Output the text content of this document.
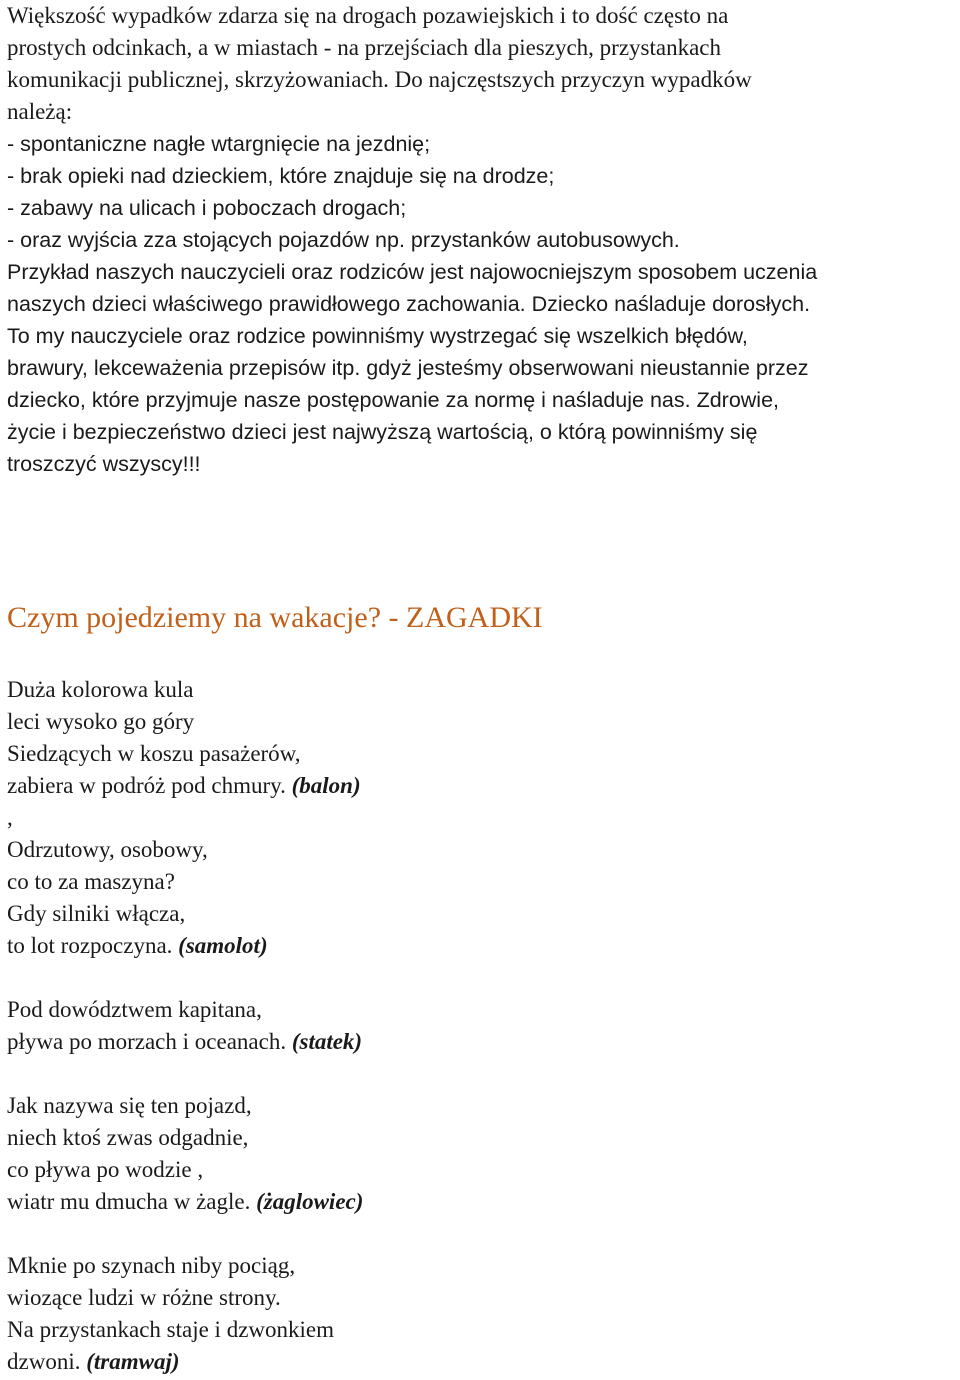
Większość wypadków zdarza się na drogach pozawiejskich i to dość często na
prostych odcinkach, a w miastach - na przejściach dla pieszych, przystankach
komunikacji publicznej, skrzyżowaniach. Do najczęstszych przyczyn wypadków
należą:
- spontaniczne nagłe wtargnięcie na jezdnię;
- brak opieki nad dzieckiem, które znajduje się na drodze;
- zabawy na ulicach i poboczach drogach;
- oraz wyjścia zza stojących pojazdów np. przystanków autobusowych.
Przykład naszych nauczycieli oraz rodziców jest najowocniejszym sposobem uczenia
naszych dzieci właściwego prawidłowego zachowania. Dziecko naśladuje dorosłych.
To my nauczyciele oraz rodzice powinniśmy wystrzegać się wszelkich błędów,
brawury, lekceważenia przepisów itp. gdyż jesteśmy obserwowani nieustannie przez
dziecko, które przyjmuje nasze postępowanie za normę i naśladuje nas. Zdrowie,
życie i bezpieczeństwo dzieci jest najwyższą wartością, o którą powinniśmy się
troszczyć wszyscy!!!

Czym pojedziemy na wakacje? - ZAGADKI

Duża kolorowa kula
leci wysoko go góry
Siedzących w koszu pasażerów,
zabiera w podróż pod chmury. (balon)
,

Odrzutowy, osobowy,
co to za maszyna?
Gdy silniki włącza,
to lot rozpoczyna. (samolot)

Pod dowództwem kapitana,
pływa po morzach i oceanach. (statek)

Jak nazywa się ten pojazd,
niech ktoś zwas odgadnie,
co pływa po wodzie ,
wiatr mu dmucha w żagle. (żaglowiec)

Mknie po szynach niby pociąg,
wiozące ludzi w różne strony.
Na przystankach staje i dzwonkiem
dzwoni. (tramwaj)
